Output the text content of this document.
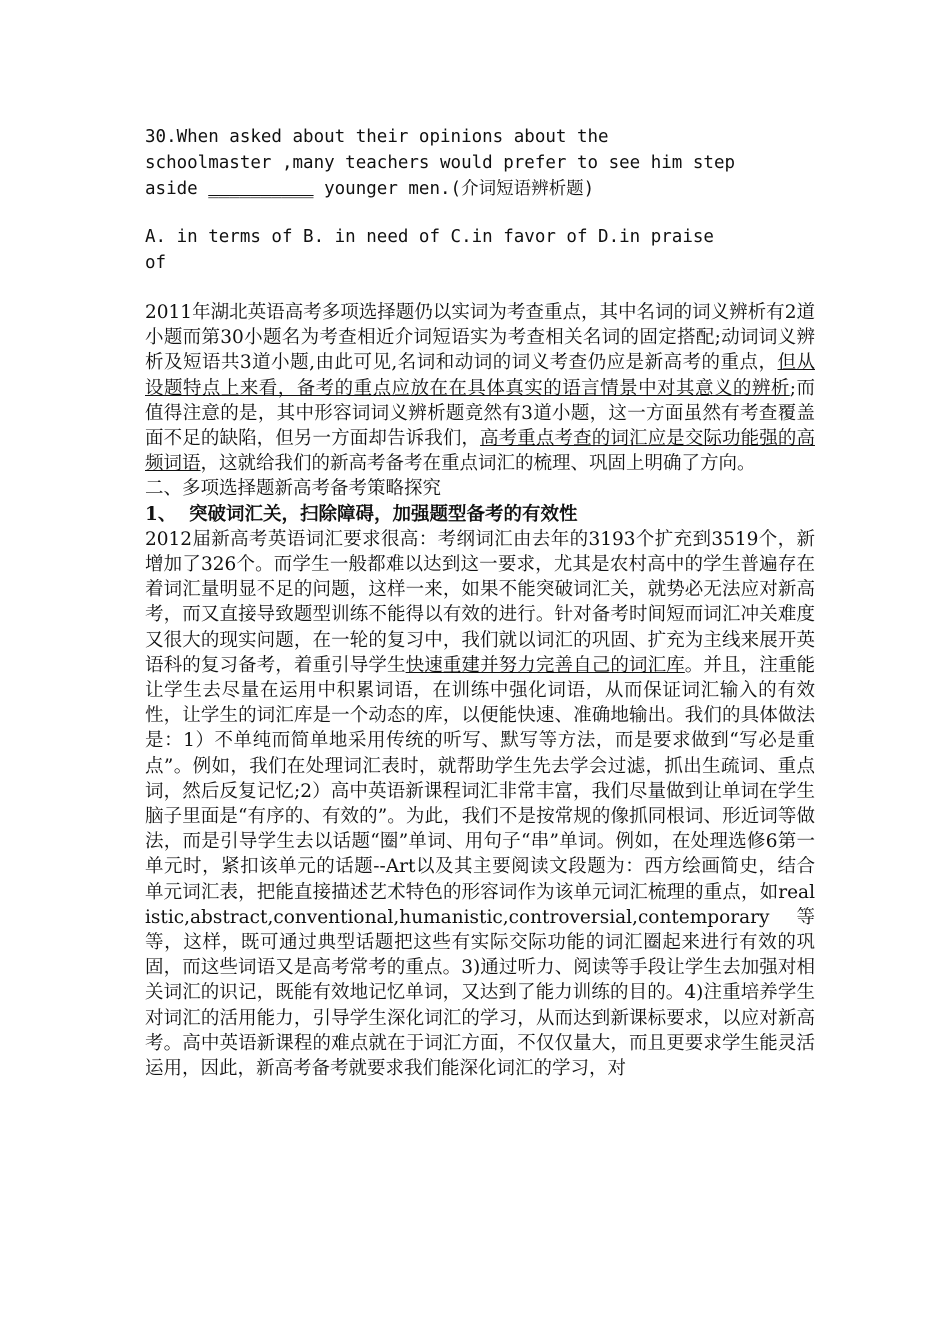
30.When asked about their opinions about the

schoolmaster ,many teachers would prefer to see him step

aside __________ younger men.(介词短语辨析题)

A. in terms of B. in need of C.in favor of D.in praise

of

2011年湖北英语高考多项选择题仍以实词为考查重点，其中名词的词义辨析有2道小题而第30小题名为考查相近介词短语实为考查相关名词的固定搭配;动词词义辨析及短语共3道小题,由此可见,名词和动词的词义考查仍应是新高考的重点，但从设题特点上来看，备考的重点应放在在具体真实的语言情景中对其意义的辨析;而值得注意的是，其中形容词词义辨析题竟然有3道小题，这一方面虽然有考查覆盖面不足的缺陷，但另一方面却告诉我们，高考重点考查的词汇应是交际功能强的高频词语，这就给我们的新高考备考在重点词汇的梳理、巩固上明确了方向。

二、多项选择题新高考备考策略探究
1、 突破词汇关，扫除障碍，加强题型备考的有效性

2012届新高考英语词汇要求很高：考纲词汇由去年的3193个扩充到3519个，新增加了326个。而学生一般都难以达到这一要求，尤其是农村高中的学生普遍存在着词汇量明显不足的问题，这样一来，如果不能突破词汇关，就势必无法应对新高考，而又直接导致题型训练不能得以有效的进行。针对备考时间短而词汇冲关难度又很大的现实问题，在一轮的复习中，我们就以词汇的巩固、扩充为主线来展开英语科的复习备考，着重引导学生快速重建并努力完善自己的词汇库。并且，注重能让学生去尽量在运用中积累词语，在训练中强化词语，从而保证词汇输入的有效性，让学生的词汇库是一个动态的库，以便能快速、准确地输出。我们的具体做法是：1）不单纯而简单地采用传统的听写、默写等方法，而是要求做到“写必是重点”。例如，我们在处理词汇表时，就帮助学生先去学会过滤，抓出生疏词、重点词，然后反复记忆;2）高中英语新课程词汇非常丰富，我们尽量做到让单词在学生脑子里面是“有序的、有效的”。为此，我们不是按常规的像抓同根词、形近词等做法，而是引导学生去以话题“圈”单词、用句子“串”单词。例如，在处理选修6第一单元时，紧扣该单元的话题--Art以及其主要阅读文段题为：西方绘画简史，结合单元词汇表，把能直接描述艺术特色的形容词作为该单元词汇梳理的重点，如realistic,abstract,conventional,humanistic,controversial,contemporary等等，这样，既可通过典型话题把这些有实际交际功能的词汇圈起来进行有效的巩固，而这些词语又是高考常考的重点。3)通过听力、阅读等手段让学生去加强对相关词汇的识记，既能有效地记忆单词，又达到了能力训练的目的。4)注重培养学生对词汇的活用能力，引导学生深化词汇的学习，从而达到新课标要求，以应对新高考。高中英语新课程的难点就在于词汇方面，不仅仅量大，而且更要求学生能灵活运用，因此，新高考备考就要求我们能深化词汇的学习，对
